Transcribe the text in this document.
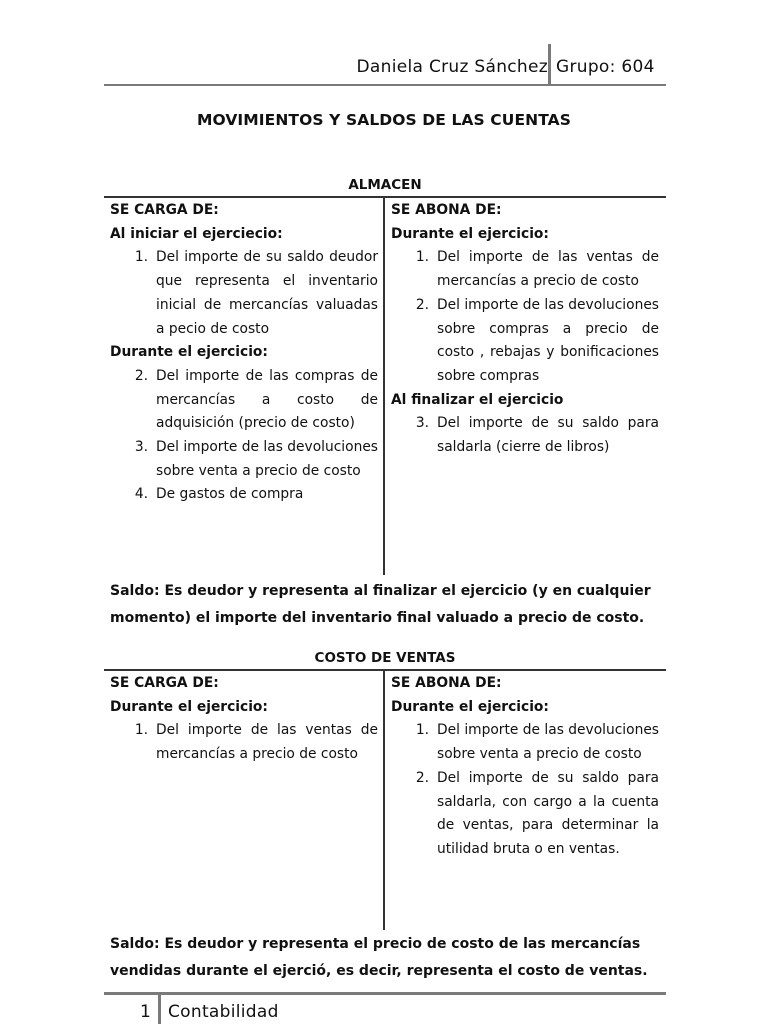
Daniela Cruz Sánchez Grupo: 604
MOVIMIENTOS Y SALDOS DE LAS CUENTAS
ALMACEN
SE CARGA DE:
Al iniciar el ejerciecio:
1. Del importe de su saldo deudor que representa el inventario inicial de mercancías valuadas a pecio de costo
Durante el ejercicio:
2. Del importe de las compras de mercancías a costo de adquisición (precio de costo)
3. Del importe de las devoluciones sobre venta a precio de costo
4. De gastos de compra
SE ABONA DE:
Durante el ejercicio:
1. Del importe de las ventas de mercancías a precio de costo
2. Del importe de las devoluciones sobre compras a precio de costo , rebajas y bonificaciones sobre compras
Al finalizar el ejercicio
3. Del importe de su saldo para saldarla (cierre de libros)
Saldo: Es deudor y representa al finalizar el ejercicio (y en cualquier momento) el importe del inventario final valuado a precio de costo.
COSTO DE VENTAS
SE CARGA DE:
Durante el ejercicio:
1. Del importe de las ventas de mercancías a precio de costo
SE ABONA DE:
Durante el ejercicio:
1. Del importe de las devoluciones sobre venta a precio de costo
2. Del importe de su saldo para saldarla, con cargo a la cuenta de ventas, para determinar la utilidad bruta o en ventas.
Saldo: Es deudor y representa el precio de costo de las mercancías vendidas durante el ejerció, es decir, representa el costo de ventas.
1 Contabilidad
